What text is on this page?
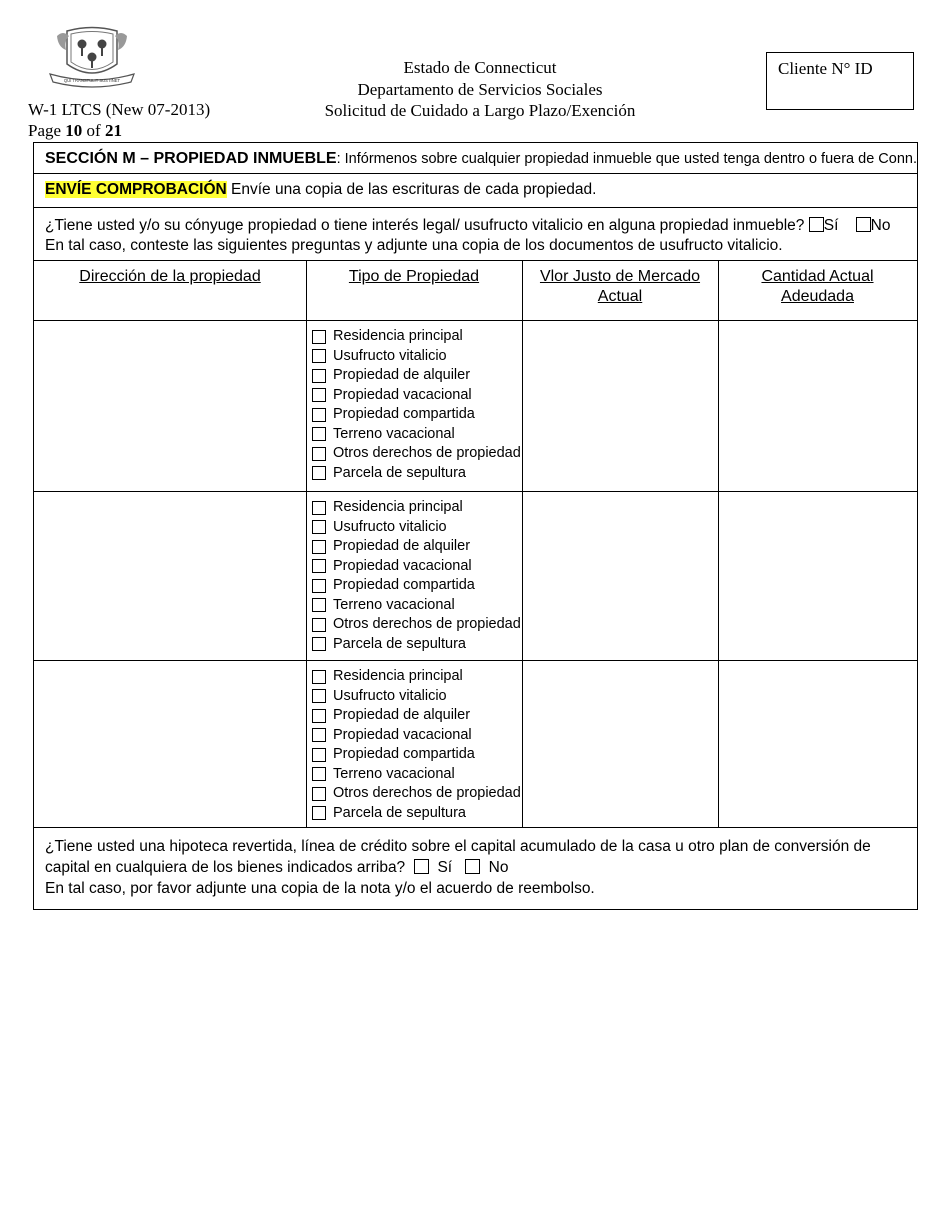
QUI TRANSTULIT SUSTINET
W-1 LTCS (New 07-2013)
Page 10 of 21
Estado de Connecticut
Departamento de Servicios Sociales
Solicitud de Cuidado a Largo Plazo/Exención
Cliente N° ID
SECCIÓN M – PROPIEDAD INMUEBLE: Infórmenos sobre cualquier propiedad inmueble que usted tenga dentro o fuera de Conn.
ENVÍE COMPROBACIÓN Envíe una copia de las escrituras de cada propiedad.
¿Tiene usted y/o su cónyuge propiedad o tiene interés legal/ usufructo vitalicio en alguna propiedad inmueble? Sí No
En tal caso, conteste las siguientes preguntas y adjunte una copia de los documentos de usufructo vitalicio.
Dirección de la propiedad	Tipo de Propiedad	Vlor Justo de Mercado
Actual
Cantidad Actual
Adeudada
Residencia principal
Usufructo vitalicio
Propiedad de alquiler
Propiedad vacacional
Propiedad compartida
Terreno vacacional
Otros derechos de propiedad
Parcela de sepultura
Residencia principal
Usufructo vitalicio
Propiedad de alquiler
Propiedad vacacional
Propiedad compartida
Terreno vacacional
Otros derechos de propiedad
Parcela de sepultura
Residencia principal
Usufructo vitalicio
Propiedad de alquiler
Propiedad vacacional
Propiedad compartida
Terreno vacacional
Otros derechos de propiedad
Parcela de sepultura
¿Tiene usted una hipoteca revertida, línea de crédito sobre el capital acumulado de la casa u otro plan de conversión de
capital en cualquiera de los bienes indicados arriba? Sí No
En tal caso, por favor adjunte una copia de la nota y/o el acuerdo de reembolso.
